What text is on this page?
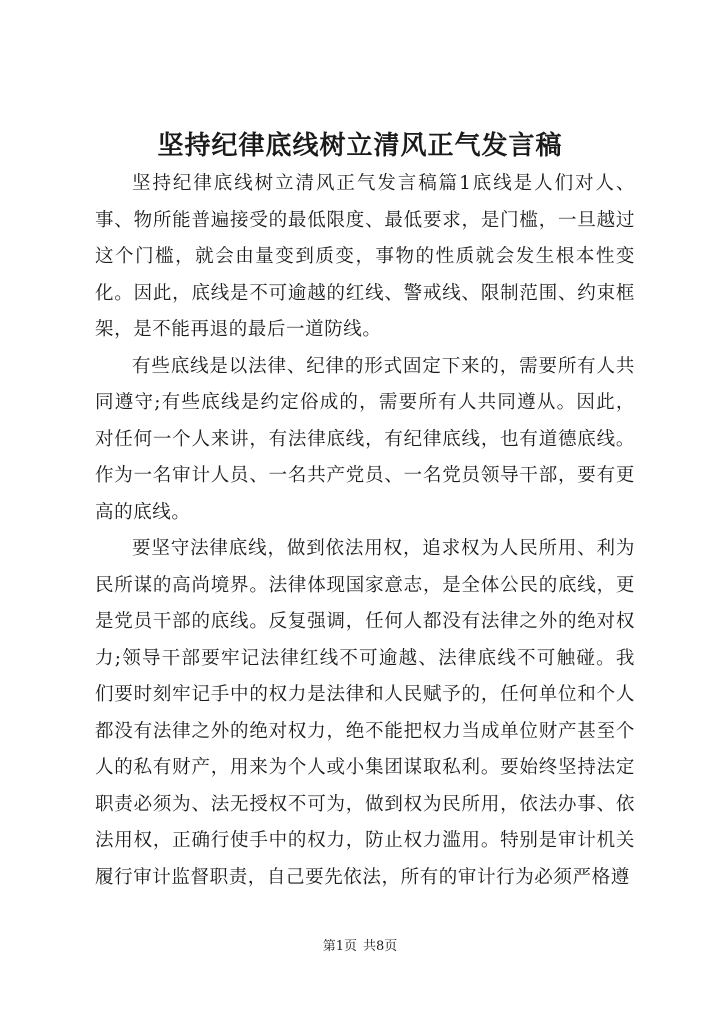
坚持纪律底线树立清风正气发言稿

坚持纪律底线树立清风正气发言稿篇1底线是人们对人、事、物所能普遍接受的最低限度、最低要求，是门槛，一旦越过这个门槛，就会由量变到质变，事物的性质就会发生根本性变化。因此，底线是不可逾越的红线、警戒线、限制范围、约束框架，是不能再退的最后一道防线。

有些底线是以法律、纪律的形式固定下来的，需要所有人共同遵守;有些底线是约定俗成的，需要所有人共同遵从。因此，对任何一个人来讲，有法律底线，有纪律底线，也有道德底线。作为一名审计人员、一名共产党员、一名党员领导干部，要有更高的底线。

要坚守法律底线，做到依法用权，追求权为人民所用、利为民所谋的高尚境界。法律体现国家意志，是全体公民的底线，更是党员干部的底线。反复强调，任何人都没有法律之外的绝对权力;领导干部要牢记法律红线不可逾越、法律底线不可触碰。我们要时刻牢记手中的权力是法律和人民赋予的，任何单位和个人都没有法律之外的绝对权力，绝不能把权力当成单位财产甚至个人的私有财产，用来为个人或小集团谋取私利。要始终坚持法定职责必须为、法无授权不可为，做到权为民所用，依法办事、依法用权，正确行使手中的权力，防止权力滥用。特别是审计机关履行审计监督职责，自己要先依法，所有的审计行为必须严格遵

第1页 共8页
